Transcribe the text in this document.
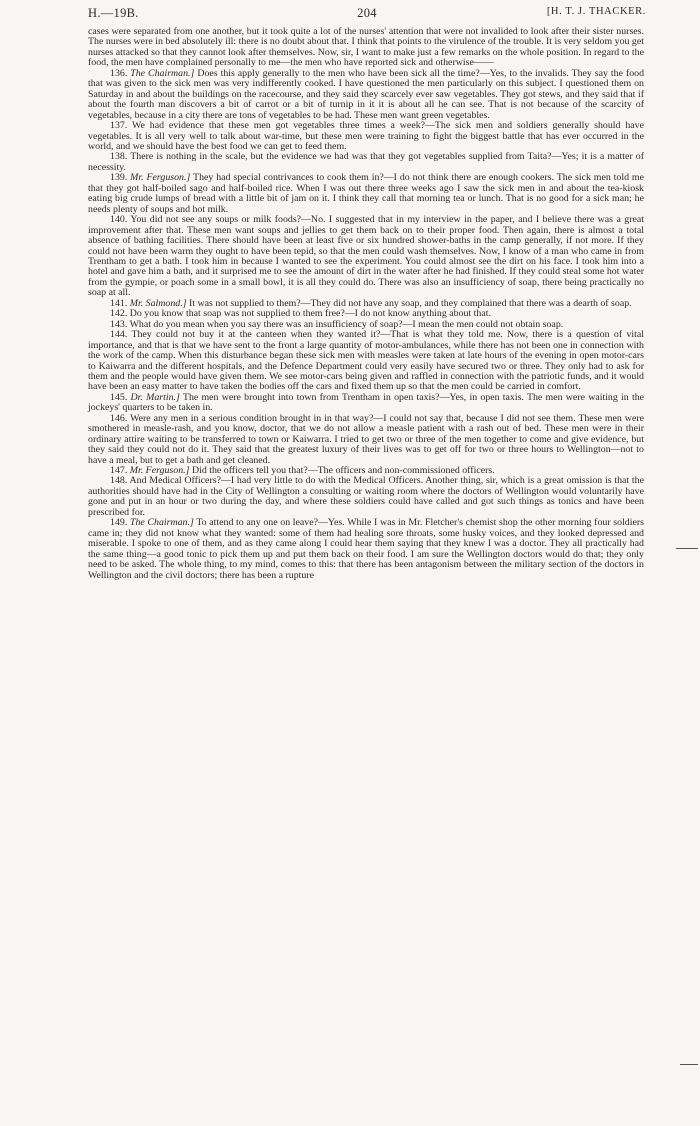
H.—19B.	204	[H. T. J. THACKER.

cases were separated from one another, but it took quite a lot of the nurses' attention that were not invalided to look after their sister nurses. The nurses were in bed absolutely ill: there is no doubt about that. I think that points to the virulence of the trouble. It is very seldom you get nurses attacked so that they cannot look after themselves. Now, sir, I want to make just a few remarks on the whole position. In regard to the food, the men have complained personally to me—the men who have reported sick and otherwise——

136. The Chairman.] Does this apply generally to the men who have been sick all the time?—Yes, to the invalids. They say the food that was given to the sick men was very indifferently cooked. I have questioned the men particularly on this subject. I questioned them on Saturday in and about the buildings on the racecourse, and they said they scarcely ever saw vegetables. They got stews, and they said that if about the fourth man discovers a bit of carrot or a bit of turnip in it it is about all he can see. That is not because of the scarcity of vegetables, because in a city there are tons of vegetables to be had. These men want green vegetables.

137. We had evidence that these men got vegetables three times a week?—The sick men and soldiers generally should have vegetables. It is all very well to talk about war-time, but these men were training to fight the biggest battle that has ever occurred in the world, and we should have the best food we can get to feed them.

138. There is nothing in the scale, but the evidence we had was that they got vegetables supplied from Taita?—Yes; it is a matter of necessity.

139. Mr. Ferguson.] They had special contrivances to cook them in?—I do not think there are enough cookers. The sick men told me that they got half-boiled sago and half-boiled rice. When I was out there three weeks ago I saw the sick men in and about the tea-kiosk eating big crude lumps of bread with a little bit of jam on it. I think they call that morning tea or lunch. That is no good for a sick man; he needs plenty of soups and hot milk.

140. You did not see any soups or milk foods?—No. I suggested that in my interview in the paper, and I believe there was a great improvement after that. These men want soups and jellies to get them back on to their proper food. Then again, there is almost a total absence of bathing facilities. There should have been at least five or six hundred shower-baths in the camp generally, if not more. If they could not have been warm they ought to have been tepid, so that the men could wash themselves. Now, I know of a man who came in from Trentham to get a bath. I took him in because I wanted to see the experiment. You could almost see the dirt on his face. I took him into a hotel and gave him a bath, and it surprised me to see the amount of dirt in the water after he had finished. If they could steal some hot water from the gympie, or poach some in a small bowl, it is all they could do. There was also an insufficiency of soap, there being practically no soap at all.

141. Mr. Salmond.] It was not supplied to them?—They did not have any soap, and they complained that there was a dearth of soap.

142. Do you know that soap was not supplied to them free?—I do not know anything about that.

143. What do you mean when you say there was an insufficiency of soap?—I mean the men could not obtain soap.

144. They could not buy it at the canteen when they wanted it?—That is what they told me. Now, there is a question of vital importance, and that is that we have sent to the front a large quantity of motor-ambulances, while there has not been one in connection with the work of the camp. When this disturbance began these sick men with measles were taken at late hours of the evening in open motor-cars to Kaiwarra and the different hospitals, and the Defence Department could very easily have secured two or three. They only had to ask for them and the people would have given them. We see motor-cars being given and raffled in connection with the patriotic funds, and it would have been an easy matter to have taken the bodies off the cars and fixed them up so that the men could be carried in comfort.

145. Dr. Martin.] The men were brought into town from Trentham in open taxis?—Yes, in open taxis. The men were waiting in the jockeys' quarters to be taken in.

146. Were any men in a serious condition brought in in that way?—I could not say that, because I did not see them. These men were smothered in measle-rash, and you know, doctor, that we do not allow a measle patient with a rash out of bed. These men were in their ordinary attire waiting to be transferred to town or Kaiwarra. I tried to get two or three of the men together to come and give evidence, but they said they could not do it. They said that the greatest luxury of their lives was to get off for two or three hours to Wellington—not to have a meal, but to get a bath and get cleaned.

147. Mr. Ferguson.] Did the officers tell you that?—The officers and non-commissioned officers.

148. And Medical Officers?—I had very little to do with the Medical Officers. Another thing, sir, which is a great omission is that the authorities should have had in the City of Wellington a consulting or waiting room where the doctors of Wellington would voluntarily have gone and put in an hour or two during the day, and where these soldiers could have called and got such things as tonics and have been prescribed for.

149. The Chairman.] To attend to any one on leave?—Yes. While I was in Mr. Fletcher's chemist shop the other morning four soldiers came in; they did not know what they wanted: some of them had healing sore throats, some husky voices, and they looked depressed and miserable. I spoke to one of them, and as they came along I could hear them saying that they knew I was a doctor. They all practically had the same thing—a good tonic to pick them up and put them back on their food. I am sure the Wellington doctors would do that; they only need to be asked. The whole thing, to my mind, comes to this: that there has been antagonism between the military section of the doctors in Wellington and the civil doctors; there has been a rupture
